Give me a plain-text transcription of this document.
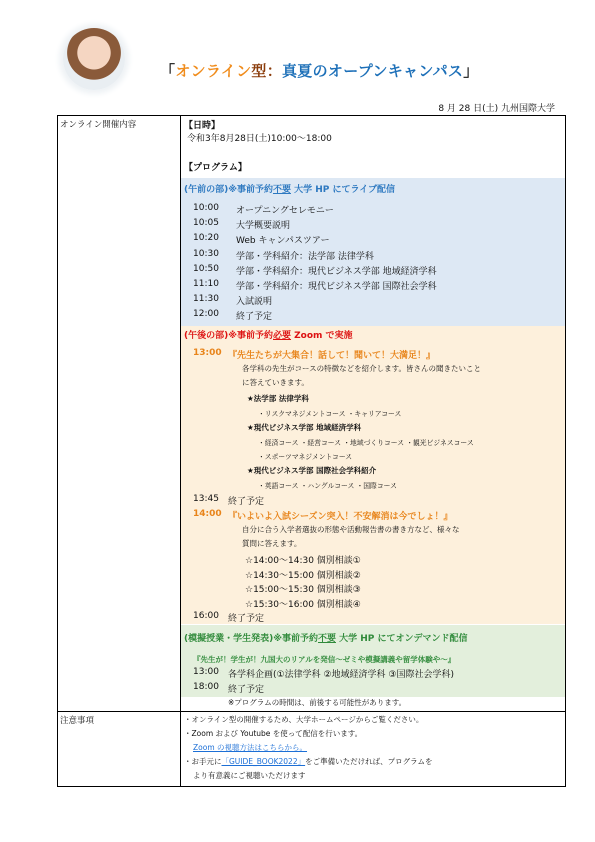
「オンライン型：真夏のオープンキャンパス」
8 月 28 日(土) 九州国際大学
オンライン開催内容
注意事項
【日時】
令和3年8月28日(土)10:00～18:00
【プログラム】
(午前の部)※事前予約不要 大学 HP にてライブ配信
10:00 オープニングセレモニー
10:05 大学概要説明
10:20 Web キャンパスツアー
10:30 学部・学科紹介：法学部 法律学科
10:50 学部・学科紹介：現代ビジネス学部 地域経済学科
11:10 学部・学科紹介：現代ビジネス学部 国際社会学科
11:30 入試説明
12:00 終了予定
(午後の部)※事前予約必要 Zoom で実施
13:00 『先生たちが大集合！話して！聞いて！大満足！』
各学科の先生がコースの特徴などを紹介します。皆さんの聞きたいこと
に答えていきます。
★法学部 法律学科
・リスクマネジメントコース ・キャリアコース
★現代ビジネス学部 地域経済学科
・経済コース ・経営コース ・地域づくりコース ・観光ビジネスコース
・スポーツマネジメントコース
★現代ビジネス学部 国際社会学科紹介
・英語コース ・ハングルコース ・国際コース
13:45 終了予定
14:00 『いよいよ入試シーズン突入！不安解消は今でしょ！』
自分に合う入学者選抜の形態や活動報告書の書き方など、様々な
質問に答えます。
☆14:00～14:30 個別相談①
☆14:30～15:00 個別相談②
☆15:00～15:30 個別相談③
☆15:30～16:00 個別相談④
16:00 終了予定
(模擬授業・学生発表)※事前予約不要 大学 HP にてオンデマンド配信
『先生が！学生が！九国大のリアルを発信～ゼミや模擬講義や留学体験や～』
13:00 各学科企画(①法律学科 ②地域経済学科 ③国際社会学科)
18:00 終了予定
※プログラムの時間は、前後する可能性があります。
・オンライン型の開催するため、大学ホームページからご覧ください。
・Zoom および Youtube を使って配信を行います。
Zoom の視聴方法はこちらから。
・お手元に「GUIDE_BOOK2022」をご準備いただければ、プログラムを
より有意義にご視聴いただけます
